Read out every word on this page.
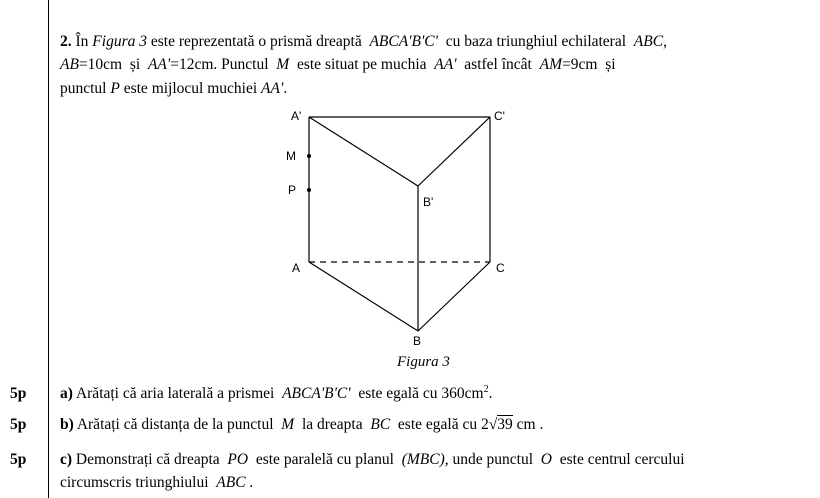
2. În Figura 3 este reprezentată o prismă dreaptă ABCA'B'C' cu baza triunghiul echilateral ABC,
AB=10cm și AA'=12cm. Punctul M este situat pe muchia AA' astfel încât AM=9cm și
punctul P este mijlocul muchiei AA'.
A'	C'
M
P
B'
A	C
B
Figura 3
5p a) Arătați că aria laterală a prismei ABCA'B'C' este egală cu $360cm^2$.
5p b) Arătați că distanța de la punctul M la dreapta BC este egală cu 2√39 cm .
5p c) Demonstrați că dreapta PO este paralelă cu planul (MBC), unde punctul O este centrul cercului
circumscris triunghiului ABC .
